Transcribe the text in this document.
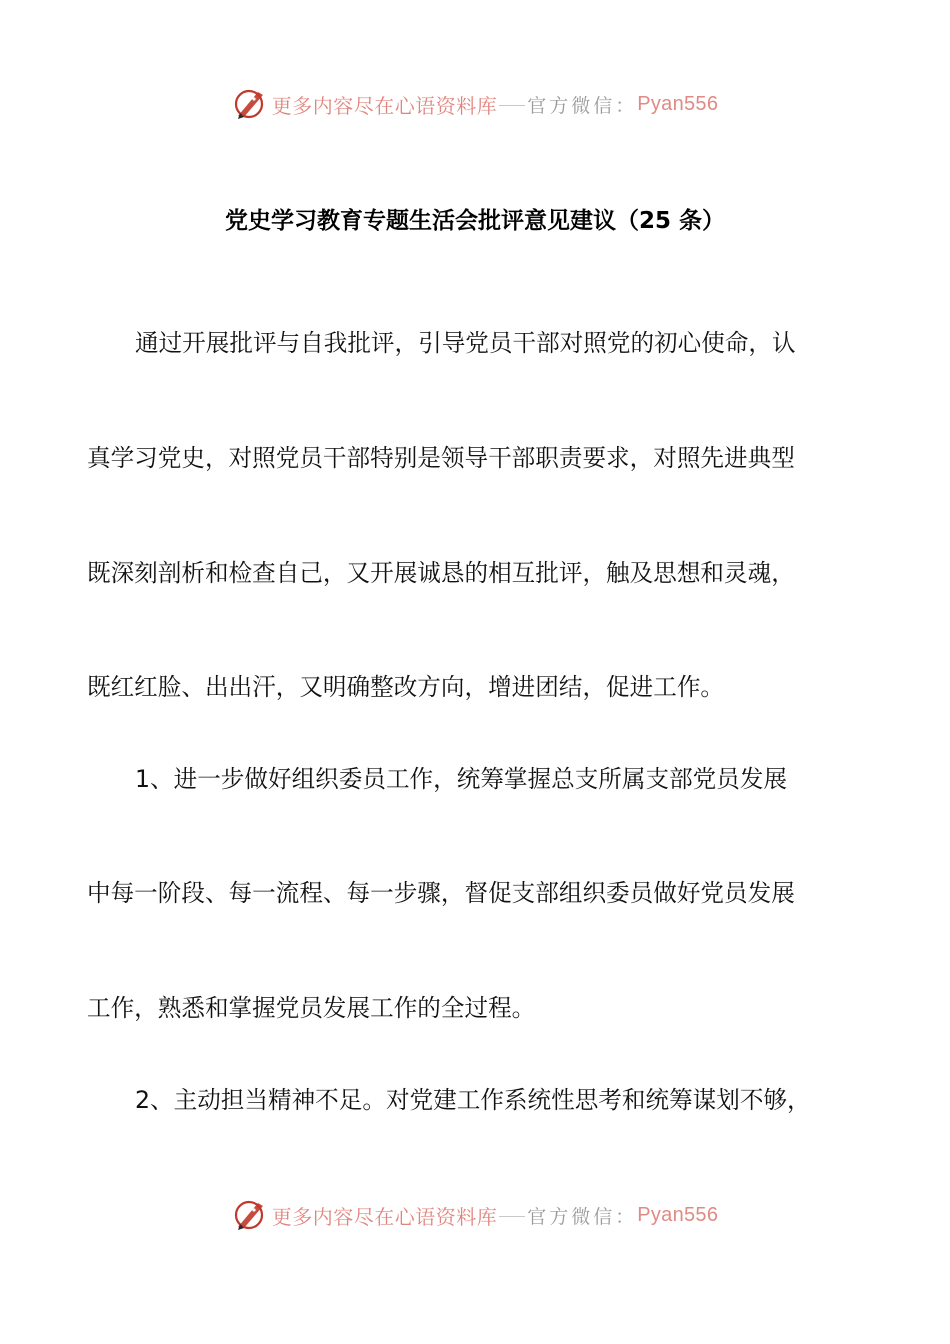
更多内容尽在心语资料库 官方微信： Pyan556
党史学习教育专题生活会批评意见建议（25 条）
通过开展批评与自我批评，引导党员干部对照党的初心使命，认
真学习党史，对照党员干部特别是领导干部职责要求，对照先进典型
既深刻剖析和检查自己，又开展诚恳的相互批评，触及思想和灵魂，
既红红脸、出出汗，又明确整改方向，增进团结，促进工作。
1、进一步做好组织委员工作，统筹掌握总支所属支部党员发展
中每一阶段、每一流程、每一步骤，督促支部组织委员做好党员发展
工作，熟悉和掌握党员发展工作的全过程。
2、主动担当精神不足。对党建工作系统性思考和统筹谋划不够，
更多内容尽在心语资料库 官方微信： Pyan556
